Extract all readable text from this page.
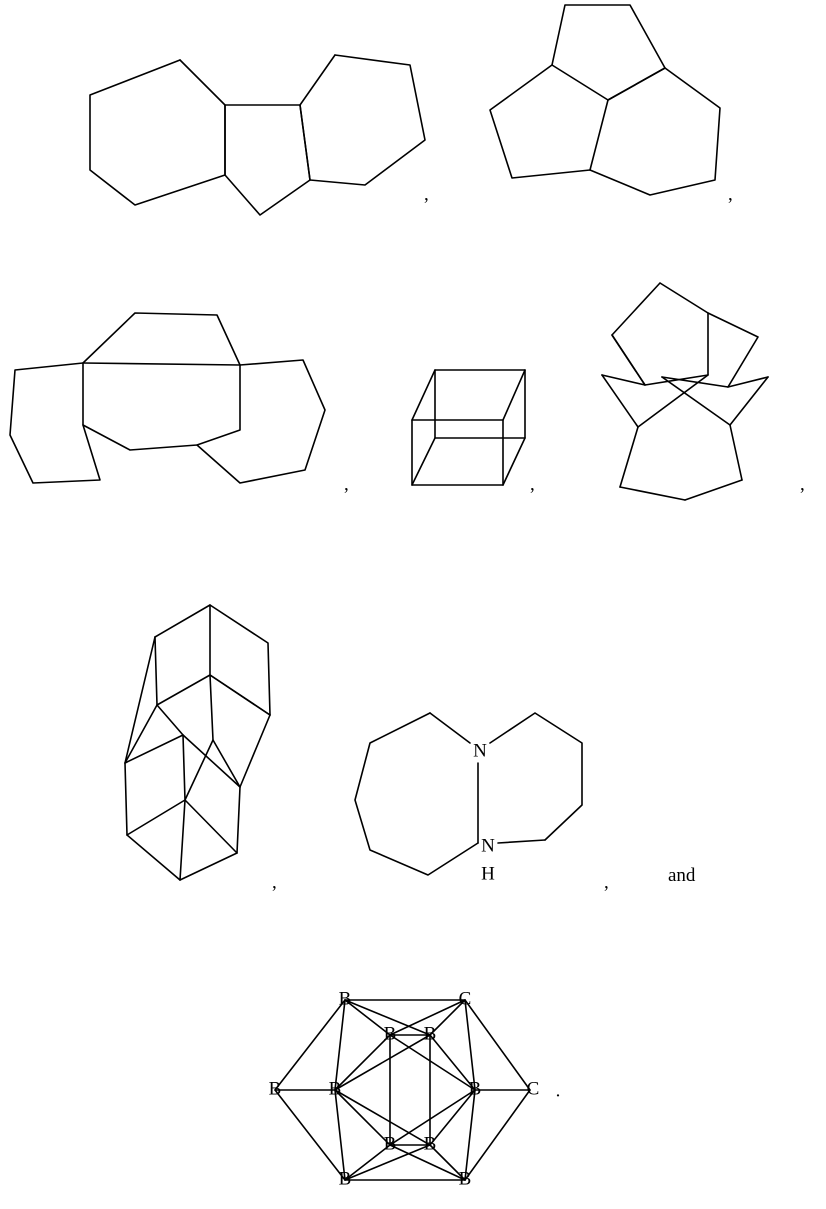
,	,
,	,	,
,
N
N
H	,	and
B	C
B B
B B	B C
B B
B	B
.
